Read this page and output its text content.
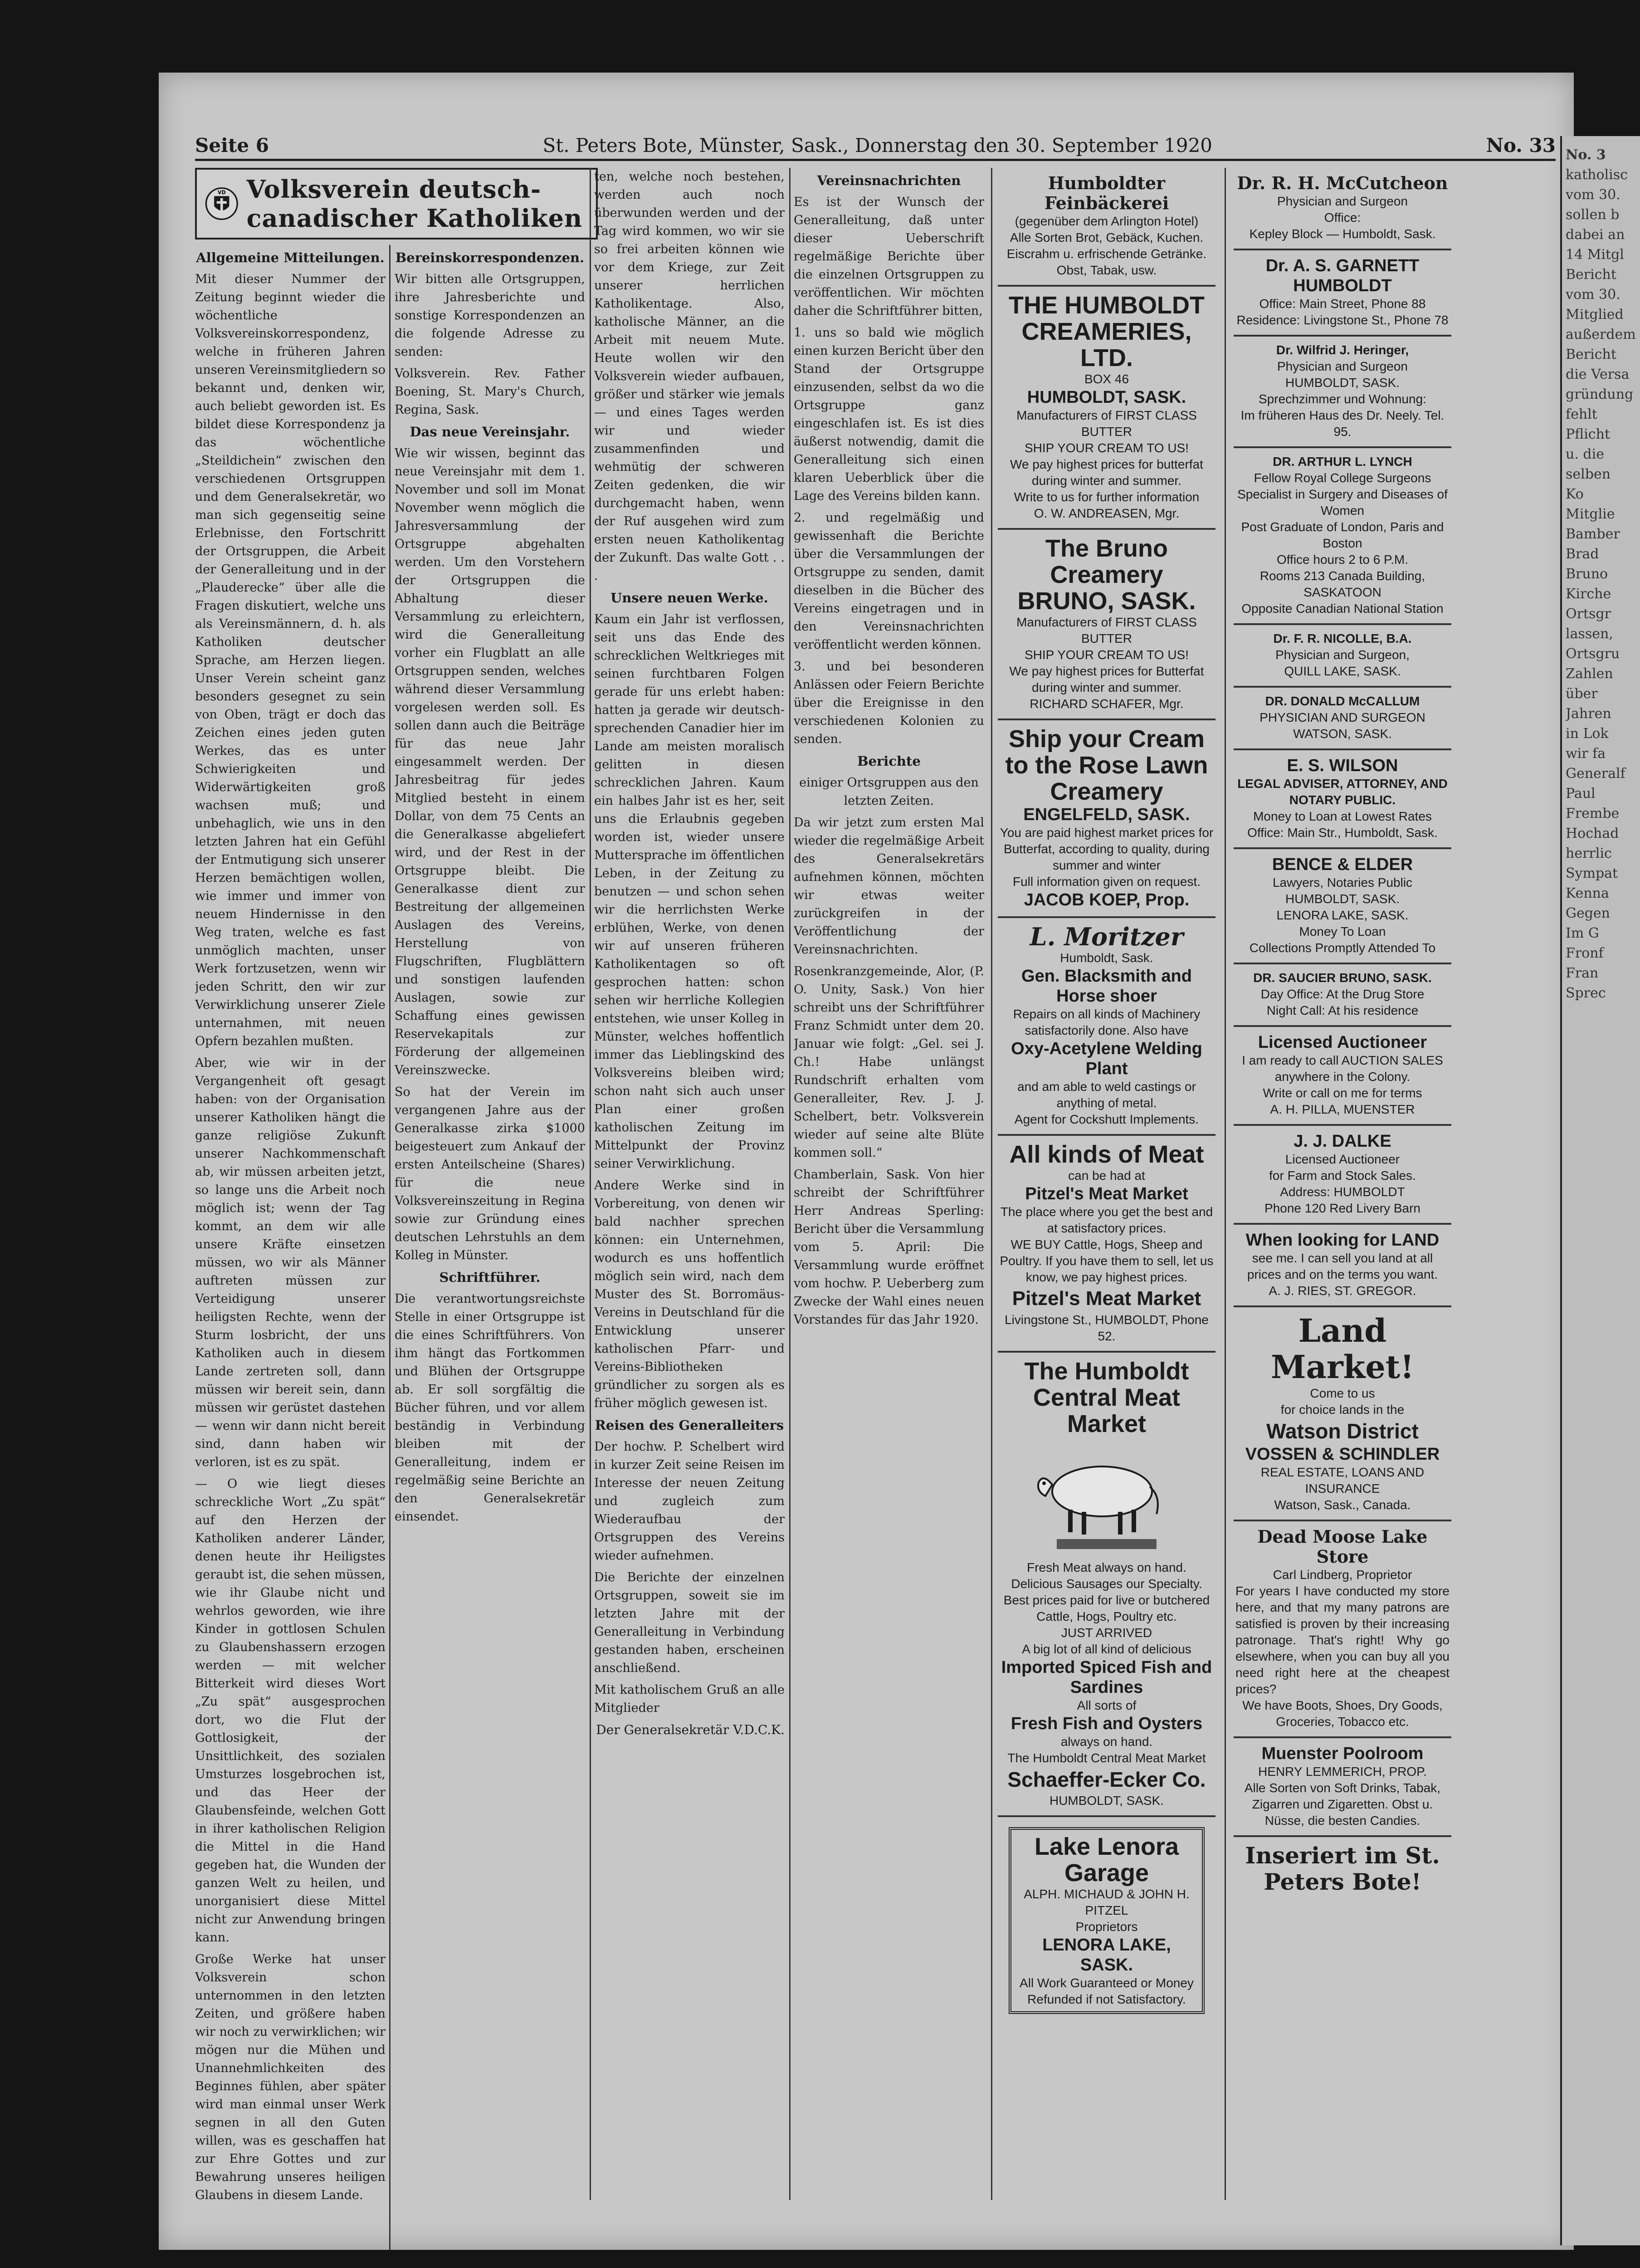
Seite 6	St. Peters Bote, Münster, Sask., Donnerstag den 30. September 1920	No. 33
VD Volksverein deutsch-canadischer Katholiken
Allgemeine Mitteilungen.

Mit dieser Nummer der Zeitung beginnt wieder die wöchentliche Volksvereinskorrespondenz, welche in früheren Jahren unseren Vereinsmitgliedern so bekannt und, denken wir, auch beliebt geworden ist. Es bildet diese Korrespondenz ja das wöchentliche „Steildichein“ zwischen den verschiedenen Ortsgruppen und dem Generalsekretär, wo man sich gegenseitig seine Erlebnisse, den Fortschritt der Ortsgruppen, die Arbeit der Generalleitung und in der „Plauderecke“ über alle die Fragen diskutiert, welche uns als Vereinsmännern, d. h. als Katholiken deutscher Sprache, am Herzen liegen. Unser Verein scheint ganz besonders gesegnet zu sein von Oben, trägt er doch das Zeichen eines jeden guten Werkes, das es unter Schwierigkeiten und Widerwärtigkeiten groß wachsen muß; und unbehaglich, wie uns in den letzten Jahren hat ein Gefühl der Entmutigung sich unserer Herzen bemächtigen wollen, wie immer und immer von neuem Hindernisse in den Weg traten, welche es fast unmöglich machten, unser Werk fortzusetzen, wenn wir jeden Schritt, den wir zur Verwirklichung unserer Ziele unternahmen, mit neuen Opfern bezahlen mußten.

Aber, wie wir in der Vergangenheit oft gesagt haben: von der Organisation unserer Katholiken hängt die ganze religiöse Zukunft unserer Nachkommenschaft ab, wir müssen arbeiten jetzt, so lange uns die Arbeit noch möglich ist; wenn der Tag kommt, an dem wir alle unsere Kräfte einsetzen müssen, wo wir als Männer auftreten müssen zur Verteidigung unserer heiligsten Rechte, wenn der Sturm losbricht, der uns Katholiken auch in diesem Lande zertreten soll, dann müssen wir bereit sein, dann müssen wir gerüstet dastehen — wenn wir dann nicht bereit sind, dann haben wir verloren, ist es zu spät.

— O wie liegt dieses schreckliche Wort „Zu spät“ auf den Herzen der Katholiken anderer Länder, denen heute ihr Heiligstes geraubt ist, die sehen müssen, wie ihr Glaube nicht und wehrlos geworden, wie ihre Kinder in gottlosen Schulen zu Glaubenshassern erzogen werden — mit welcher Bitterkeit wird dieses Wort „Zu spät“ ausgesprochen dort, wo die Flut der Gottlosigkeit, der Unsittlichkeit, des sozialen Umsturzes losgebrochen ist, und das Heer der Glaubensfeinde, welchen Gott in ihrer katholischen Religion die Mittel in die Hand gegeben hat, die Wunden der ganzen Welt zu heilen, und unorganisiert diese Mittel nicht zur Anwendung bringen kann.

Große Werke hat unser Volksverein schon unternommen in den letzten Zeiten, und größere haben wir noch zu verwirklichen; wir mögen nur die Mühen und Unannehmlichkeiten des Beginnes fühlen, aber später wird man einmal unser Werk segnen in all den Guten willen, was es geschaffen hat zur Ehre Gottes und zur Bewahrung unseres heiligen Glaubens in diesem Lande.

Bereinskorrespondenzen.

Wir bitten alle Ortsgruppen, ihre Jahresberichte und sonstige Korrespondenzen an die folgende Adresse zu senden:

Volksverein. Rev. Father Boening, St. Mary's Church, Regina, Sask.

Das neue Vereinsjahr.

Wie wir wissen, beginnt das neue Vereinsjahr mit dem 1. November und soll im Monat November wenn möglich die Jahresversammlung der Ortsgruppe abgehalten werden. Um den Vorstehern der Ortsgruppen die Abhaltung dieser Versammlung zu erleichtern, wird die Generalleitung vorher ein Flugblatt an alle Ortsgruppen senden, welches während dieser Versammlung vorgelesen werden soll. Es sollen dann auch die Beiträge für das neue Jahr eingesammelt werden. Der Jahresbeitrag für jedes Mitglied besteht in einem Dollar, von dem 75 Cents an die Generalkasse abgeliefert wird, und der Rest in der Ortsgruppe bleibt. Die Generalkasse dient zur Bestreitung der allgemeinen Auslagen des Vereins, Herstellung von Flugschriften, Flugblättern und sonstigen laufenden Auslagen, sowie zur Schaffung eines gewissen Reservekapitals zur Förderung der allgemeinen Vereinszwecke.

So hat der Verein im vergangenen Jahre aus der Generalkasse zirka $1000 beigesteuert zum Ankauf der ersten Anteilscheine (Shares) für die neue Volksvereinszeitung in Regina sowie zur Gründung eines deutschen Lehrstuhls an dem Kolleg in Münster.

Schriftführer.

Die verantwortungsreichste Stelle in einer Ortsgruppe ist die eines Schriftführers. Von ihm hängt das Fortkommen und Blühen der Ortsgruppe ab. Er soll sorgfältig die Bücher führen, und vor allem beständig in Verbindung bleiben mit der Generalleitung, indem er regelmäßig seine Berichte an den Generalsekretär einsendet.

ten, welche noch bestehen, werden auch noch überwunden werden und der Tag wird kommen, wo wir sie so frei arbeiten können wie vor dem Kriege, zur Zeit unserer herrlichen Katholikentage. Also, katholische Männer, an die Arbeit mit neuem Mute. Heute wollen wir den Volksverein wieder aufbauen, größer und stärker wie jemals — und eines Tages werden wir und wieder zusammenfinden und wehmütig der schweren Zeiten gedenken, die wir durchgemacht haben, wenn der Ruf ausgehen wird zum ersten neuen Katholikentag der Zukunft. Das walte Gott . . .

Unsere neuen Werke.

Kaum ein Jahr ist verflossen, seit uns das Ende des schrecklichen Weltkrieges mit seinen furchtbaren Folgen gerade für uns erlebt haben: hatten ja gerade wir deutsch-sprechenden Canadier hier im Lande am meisten moralisch gelitten in diesen schrecklichen Jahren. Kaum ein halbes Jahr ist es her, seit uns die Erlaubnis gegeben worden ist, wieder unsere Muttersprache im öffentlichen Leben, in der Zeitung zu benutzen — und schon sehen wir die herrlichsten Werke erblühen, Werke, von denen wir auf unseren früheren Katholikentagen so oft gesprochen hatten: schon sehen wir herrliche Kollegien entstehen, wie unser Kolleg in Münster, welches hoffentlich immer das Lieblingskind des Volksvereins bleiben wird; schon naht sich auch unser Plan einer großen katholischen Zeitung im Mittelpunkt der Provinz seiner Verwirklichung.

Andere Werke sind in Vorbereitung, von denen wir bald nachher sprechen können: ein Unternehmen, wodurch es uns hoffentlich möglich sein wird, nach dem Muster des St. Borromäus-Vereins in Deutschland für die Entwicklung unserer katholischen Pfarr- und Vereins-Bibliotheken gründlicher zu sorgen als es früher möglich gewesen ist.

Reisen des Generalleiters

Der hochw. P. Schelbert wird in kurzer Zeit seine Reisen im Interesse der neuen Zeitung und zugleich zum Wiederaufbau der Ortsgruppen des Vereins wieder aufnehmen.

Die Berichte der einzelnen Ortsgruppen, soweit sie im letzten Jahre mit der Generalleitung in Verbindung gestanden haben, erscheinen anschließend.

Mit katholischem Gruß an alle Mitglieder

Der Generalsekretär V.D.C.K.
Vereinsnachrichten

Es ist der Wunsch der Generalleitung, daß unter dieser Ueberschrift regelmäßige Berichte über die einzelnen Ortsgruppen zu veröffentlichen. Wir möchten daher die Schriftführer bitten,

1. uns so bald wie möglich einen kurzen Bericht über den Stand der Ortsgruppe einzusenden, selbst da wo die Ortsgruppe ganz eingeschlafen ist. Es ist dies äußerst notwendig, damit die Generalleitung sich einen klaren Ueberblick über die Lage des Vereins bilden kann.

2. und regelmäßig und gewissenhaft die Berichte über die Versammlungen der Ortsgruppe zu senden, damit dieselben in die Bücher des Vereins eingetragen und in den Vereinsnachrichten veröffentlicht werden können.

3. und bei besonderen Anlässen oder Feiern Berichte über die Ereignisse in den verschiedenen Kolonien zu senden.

Berichte

einiger Ortsgruppen aus den letzten Zeiten.

Da wir jetzt zum ersten Mal wieder die regelmäßige Arbeit des Generalsekretärs aufnehmen können, möchten wir etwas weiter zurückgreifen in der Veröffentlichung der Vereinsnachrichten.

Rosenkranzgemeinde, Alor, (P. O. Unity, Sask.) Von hier schreibt uns der Schriftführer Franz Schmidt unter dem 20. Januar wie folgt: „Gel. sei J. Ch.! Habe unlängst Rundschrift erhalten vom Generalleiter, Rev. J. J. Schelbert, betr. Volksverein wieder auf seine alte Blüte kommen soll.“

Chamberlain, Sask. Von hier schreibt der Schriftführer Herr Andreas Sperling: Bericht über die Versammlung vom 5. April: Die Versammlung wurde eröffnet vom hochw. P. Ueberberg zum Zwecke der Wahl eines neuen Vorstandes für das Jahr 1920.

Humboldter Feinbäckerei
(gegenüber dem Arlington Hotel)
Alle Sorten Brot, Gebäck, Kuchen. Eiscrahm u. erfrischende Getränke. Obst, Tabak, usw.
THE HUMBOLDT CREAMERIES, LTD.
BOX 46
HUMBOLDT, SASK.
Manufacturers of FIRST CLASS BUTTER
SHIP YOUR CREAM TO US!
We pay highest prices for butterfat during winter and summer.
Write to us for further information
O. W. ANDREASEN, Mgr.
The Bruno Creamery BRUNO, SASK.
Manufacturers of FIRST CLASS BUTTER
SHIP YOUR CREAM TO US!
We pay highest prices for Butterfat during winter and summer.
RICHARD SCHAFER, Mgr.
Ship your Cream to the Rose Lawn Creamery
ENGELFELD, SASK.
You are paid highest market prices for Butterfat, according to quality, during summer and winter
Full information given on request.
JACOB KOEP, Prop.
L. Moritzer
Humboldt, Sask.
Gen. Blacksmith and Horse shoer
Repairs on all kinds of Machinery satisfactorily done. Also have
Oxy-Acetylene Welding Plant
and am able to weld castings or anything of metal.
Agent for Cockshutt Implements.
All kinds of Meat
can be had at
Pitzel's Meat Market
The place where you get the best and at satisfactory prices.
WE BUY Cattle, Hogs, Sheep and Poultry. If you have them to sell, let us know, we pay highest prices.
Pitzel's Meat Market
Livingstone St., HUMBOLDT, Phone 52.
The Humboldt Central Meat Market
Fresh Meat always on hand.
Delicious Sausages our Specialty.
Best prices paid for live or butchered Cattle, Hogs, Poultry etc.
JUST ARRIVED
A big lot of all kind of delicious
Imported Spiced Fish and Sardines
All sorts of
Fresh Fish and Oysters
always on hand.
The Humboldt Central Meat Market
Schaeffer-Ecker Co.
HUMBOLDT, SASK.
Lake Lenora Garage
ALPH. MICHAUD & JOHN H. PITZEL
Proprietors
LENORA LAKE, SASK.
All Work Guaranteed or Money Refunded if not Satisfactory.
Dr. R. H. McCutcheon
Physician and Surgeon
Office:
Kepley Block — Humboldt, Sask.
Dr. A. S. GARNETT
HUMBOLDT
Office: Main Street, Phone 88
Residence: Livingstone St., Phone 78
Dr. Wilfrid J. Heringer,
Physician and Surgeon
HUMBOLDT, SASK.
Sprechzimmer und Wohnung:
Im früheren Haus des Dr. Neely. Tel. 95.
DR. ARTHUR L. LYNCH
Fellow Royal College Surgeons
Specialist in Surgery and Diseases of Women
Post Graduate of London, Paris and Boston
Office hours 2 to 6 P.M.
Rooms 213 Canada Building, SASKATOON
Opposite Canadian National Station
Dr. F. R. NICOLLE, B.A.
Physician and Surgeon,
QUILL LAKE, SASK.
DR. DONALD McCALLUM
PHYSICIAN AND SURGEON
WATSON, SASK.
E. S. WILSON
LEGAL ADVISER, ATTORNEY, AND NOTARY PUBLIC.
Money to Loan at Lowest Rates
Office: Main Str., Humboldt, Sask.
BENCE & ELDER
Lawyers, Notaries Public
HUMBOLDT, SASK.
LENORA LAKE, SASK.
Money To Loan
Collections Promptly Attended To
DR. SAUCIER BRUNO, SASK.
Day Office: At the Drug Store
Night Call: At his residence
Licensed Auctioneer
I am ready to call AUCTION SALES anywhere in the Colony.
Write or call on me for terms
A. H. PILLA, MUENSTER
J. J. DALKE
Licensed Auctioneer
for Farm and Stock Sales.
Address: HUMBOLDT
Phone 120 Red Livery Barn
When looking for LAND
see me. I can sell you land at all prices and on the terms you want.
A. J. RIES, ST. GREGOR.
Land Market!
Come to us
for choice lands in the
Watson District
VOSSEN & SCHINDLER
REAL ESTATE, LOANS AND INSURANCE
Watson, Sask., Canada.
Dead Moose Lake Store
Carl Lindberg, Proprietor
For years I have conducted my store here, and that my many patrons are satisfied is proven by their increasing patronage. That's right! Why go elsewhere, when you can buy all you need right here at the cheapest prices?
We have Boots, Shoes, Dry Goods, Groceries, Tobacco etc.
Muenster Poolroom
HENRY LEMMERICH, PROP.
Alle Sorten von Soft Drinks, Tabak, Zigarren und Zigaretten. Obst u. Nüsse, die besten Candies.
Inseriert im St. Peters Bote!
No. 3
katholisc
vom 30.
sollen b
dabei an
14 Mitgl
Bericht
vom 30.
Mitglied
außerdem
Bericht
die Versa
gründung
fehlt
Pflicht
u. die
selben
Ko
Mitglie
Bamber
Brad
Bruno
Kirche
Ortsgr
lassen,
Ortsgru
Zahlen
über
Jahren
in Lok
wir fa
Generalf
Paul
Frembe
Hochad
herrlic
Sympat
Kenna
Gegen
Im G
Fronf
Fran
Sprec
